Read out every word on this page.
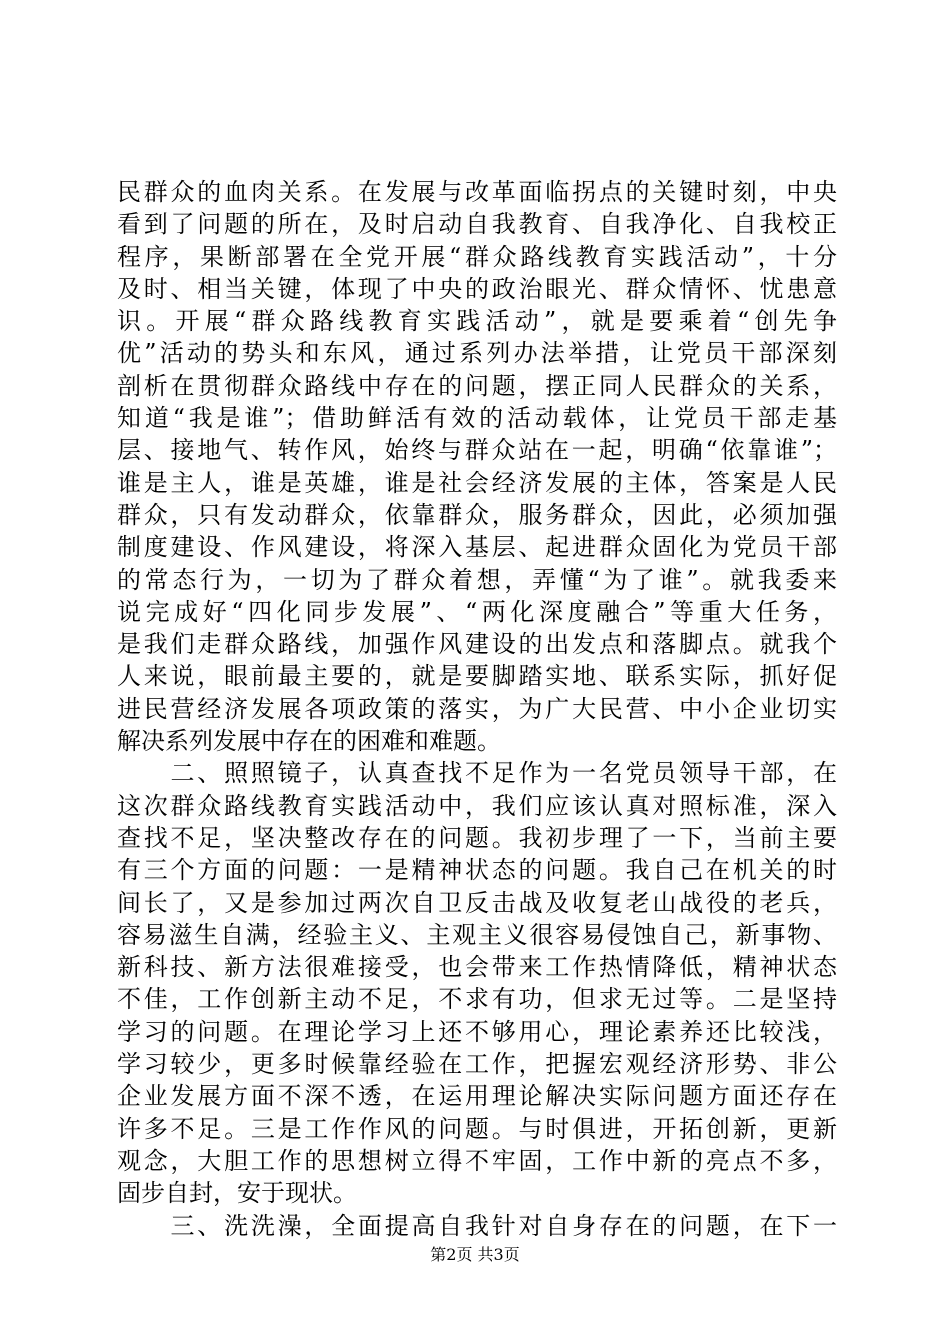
民群众的血肉关系。在发展与改革面临拐点的关键时刻，中央
看到了问题的所在，及时启动自我教育、自我净化、自我校正
程序，果断部署在全党开展“群众路线教育实践活动”，十分
及时、相当关键，体现了中央的政治眼光、群众情怀、忧患意
识。开展“群众路线教育实践活动”，就是要乘着“创先争
优”活动的势头和东风，通过系列办法举措，让党员干部深刻
剖析在贯彻群众路线中存在的问题，摆正同人民群众的关系，
知道“我是谁”；借助鲜活有效的活动载体，让党员干部走基
层、接地气、转作风，始终与群众站在一起，明确“依靠谁”；
谁是主人，谁是英雄，谁是社会经济发展的主体，答案是人民
群众，只有发动群众，依靠群众，服务群众，因此，必须加强
制度建设、作风建设，将深入基层、起进群众固化为党员干部
的常态行为，一切为了群众着想，弄懂“为了谁”。就我委来
说完成好“四化同步发展”、“两化深度融合”等重大任务，
是我们走群众路线，加强作风建设的出发点和落脚点。就我个
人来说，眼前最主要的，就是要脚踏实地、联系实际，抓好促
进民营经济发展各项政策的落实，为广大民营、中小企业切实
解决系列发展中存在的困难和难题。
　　二、照照镜子，认真查找不足作为一名党员领导干部，在
这次群众路线教育实践活动中，我们应该认真对照标准，深入
查找不足，坚决整改存在的问题。我初步理了一下，当前主要
有三个方面的问题：一是精神状态的问题。我自己在机关的时
间长了，又是参加过两次自卫反击战及收复老山战役的老兵，
容易滋生自满，经验主义、主观主义很容易侵蚀自己，新事物、
新科技、新方法很难接受，也会带来工作热情降低，精神状态
不佳，工作创新主动不足，不求有功，但求无过等。二是坚持
学习的问题。在理论学习上还不够用心，理论素养还比较浅，
学习较少，更多时候靠经验在工作，把握宏观经济形势、非公
企业发展方面不深不透，在运用理论解决实际问题方面还存在
许多不足。三是工作作风的问题。与时俱进，开拓创新，更新
观念，大胆工作的思想树立得不牢固，工作中新的亮点不多，
固步自封，安于现状。
　　三、洗洗澡，全面提高自我针对自身存在的问题，在下一
第2页 共3页
